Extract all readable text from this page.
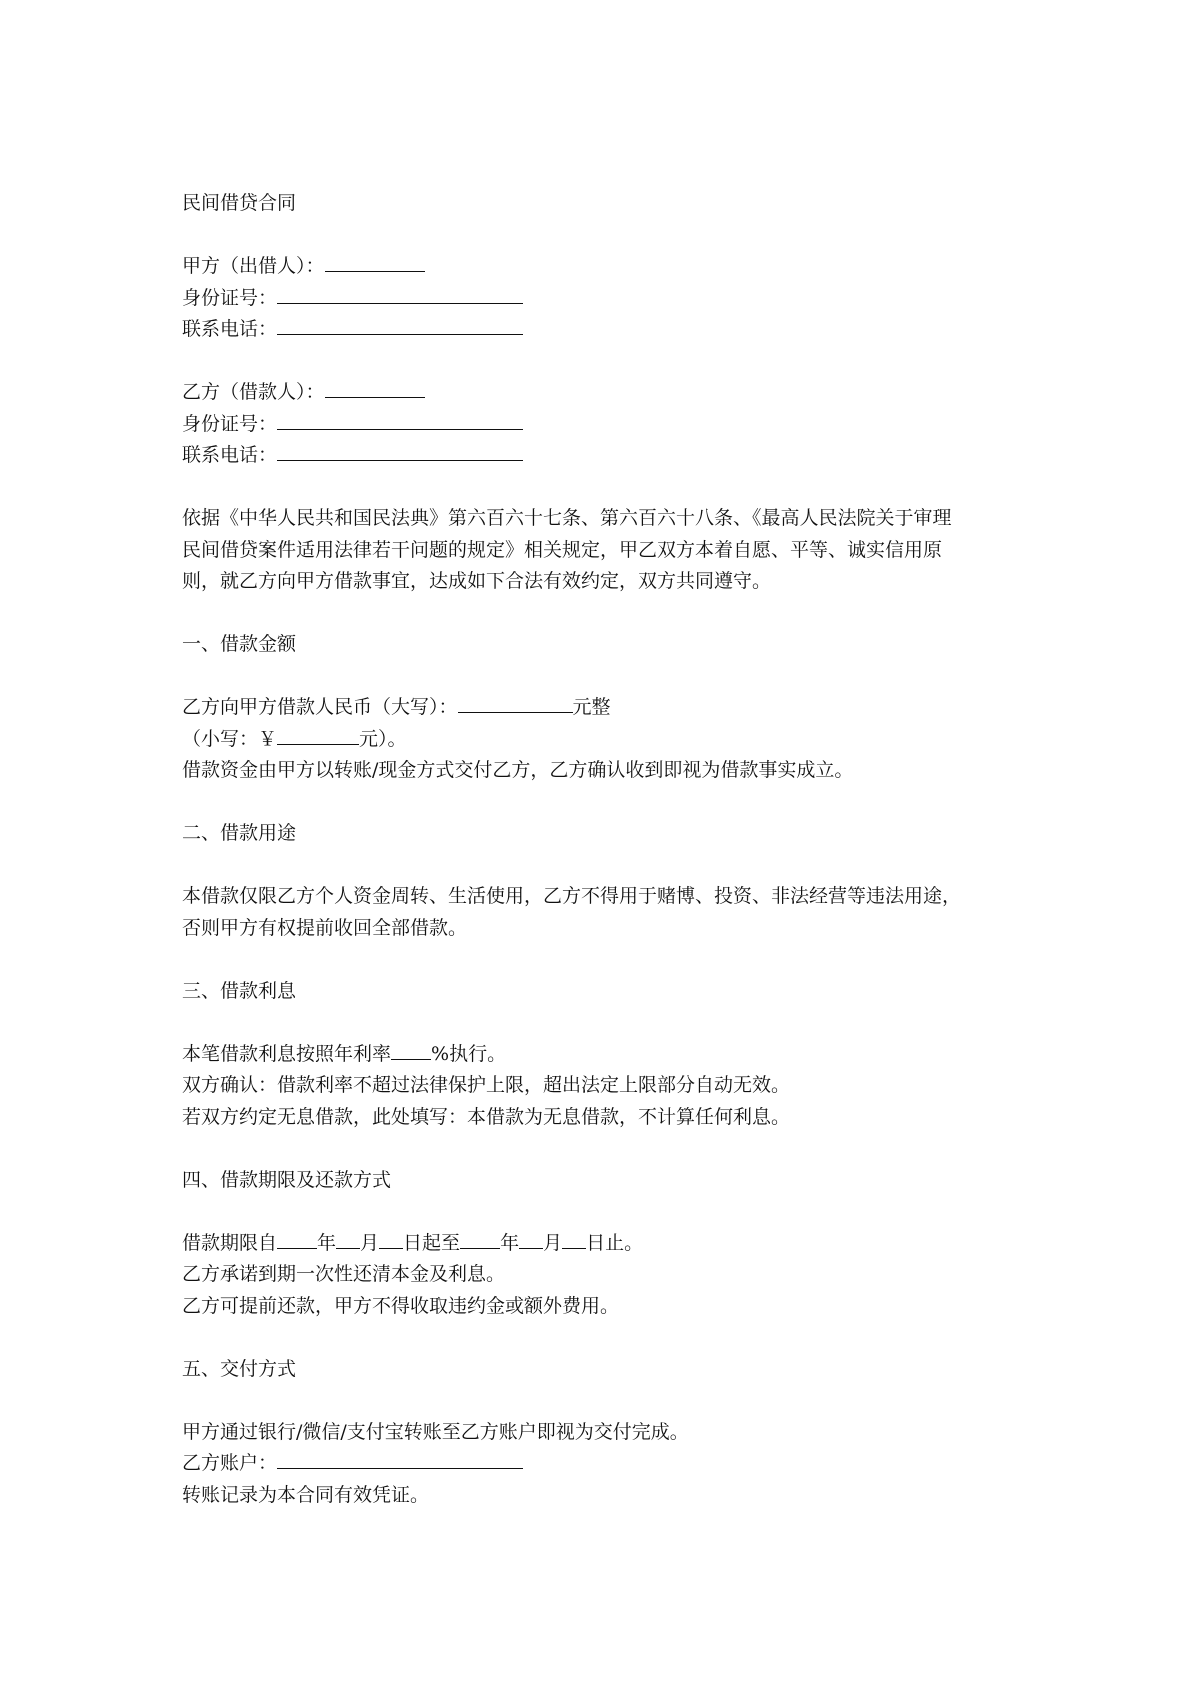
民间借贷合同
甲方（出借人）：
身份证号：
联系电话：
乙方（借款人）：
身份证号：
联系电话：
依据《中华人民共和国民法典》第六百六十七条、第六百六十八条、《最高人民法院关于审理
民间借贷案件适用法律若干问题的规定》相关规定，甲乙双方本着自愿、平等、诚实信用原
则，就乙方向甲方借款事宜，达成如下合法有效约定，双方共同遵守。
一、借款金额
乙方向甲方借款人民币（大写）：	元整
（小写：￥	元）。
借款资金由甲方以转账/现金方式交付乙方，乙方确认收到即视为借款事实成立。
二、借款用途
本借款仅限乙方个人资金周转、生活使用，乙方不得用于赌博、投资、非法经营等违法用途，
否则甲方有权提前收回全部借款。
三、借款利息
本笔借款利息按照年利率 %执行。
双方确认：借款利率不超过法律保护上限，超出法定上限部分自动无效。
若双方约定无息借款，此处填写：本借款为无息借款，不计算任何利息。
四、借款期限及还款方式
借款期限自 年 月 日起至 年 月 日止。
乙方承诺到期一次性还清本金及利息。
乙方可提前还款，甲方不得收取违约金或额外费用。
五、交付方式
甲方通过银行/微信/支付宝转账至乙方账户即视为交付完成。
乙方账户：
转账记录为本合同有效凭证。
